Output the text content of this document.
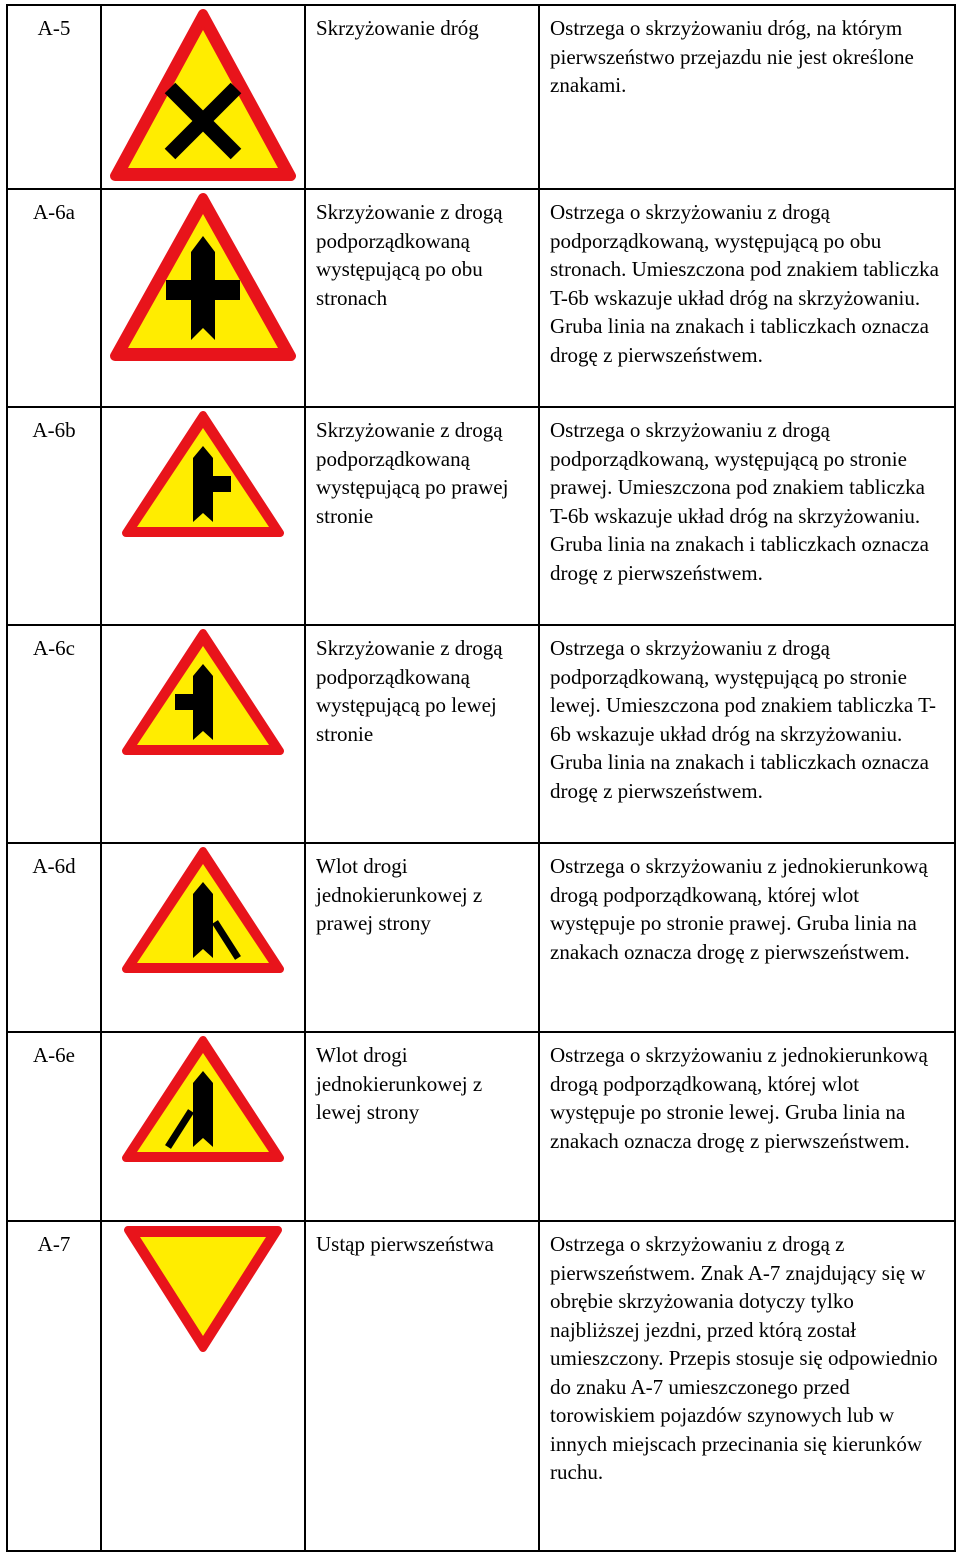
A-5		Skrzyżowanie dróg	Ostrzega o skrzyżowaniu dróg, na którym pierwszeństwo przejazdu nie jest określone znakami.
A-6a		Skrzyżowanie z drogą podporządkowaną występującą po obu stronach	Ostrzega o skrzyżowaniu z drogą podporządkowaną, występującą po obu stronach. Umieszczona pod znakiem tabliczka T-6b wskazuje układ dróg na skrzyżowaniu. Gruba linia na znakach i tabliczkach oznacza drogę z pierwszeństwem.
A-6b		Skrzyżowanie z drogą podporządkowaną występującą po prawej stronie	Ostrzega o skrzyżowaniu z drogą podporządkowaną, występującą po stronie prawej. Umieszczona pod znakiem tabliczka T-6b wskazuje układ dróg na skrzyżowaniu. Gruba linia na znakach i tabliczkach oznacza drogę z pierwszeństwem.
A-6c		Skrzyżowanie z drogą podporządkowaną występującą po lewej stronie	Ostrzega o skrzyżowaniu z drogą podporządkowaną, występującą po stronie lewej. Umieszczona pod znakiem tabliczka T-6b wskazuje układ dróg na skrzyżowaniu. Gruba linia na znakach i tabliczkach oznacza drogę z pierwszeństwem.
A-6d		Wlot drogi jednokierunkowej z prawej strony	Ostrzega o skrzyżowaniu z jednokierunkową drogą podporządkowaną, której wlot występuje po stronie prawej. Gruba linia na znakach oznacza drogę z pierwszeństwem.
A-6e		Wlot drogi jednokierunkowej z lewej strony	Ostrzega o skrzyżowaniu z jednokierunkową drogą podporządkowaną, której wlot występuje po stronie lewej. Gruba linia na znakach oznacza drogę z pierwszeństwem.
A-7		Ustąp pierwszeństwa	Ostrzega o skrzyżowaniu z drogą z pierwszeństwem. Znak A-7 znajdujący się w obrębie skrzyżowania dotyczy tylko najbliższej jezdni, przed którą został umieszczony. Przepis stosuje się odpowiednio do znaku A-7 umieszczonego przed torowiskiem pojazdów szynowych lub w innych miejscach przecinania się kierunków ruchu.
